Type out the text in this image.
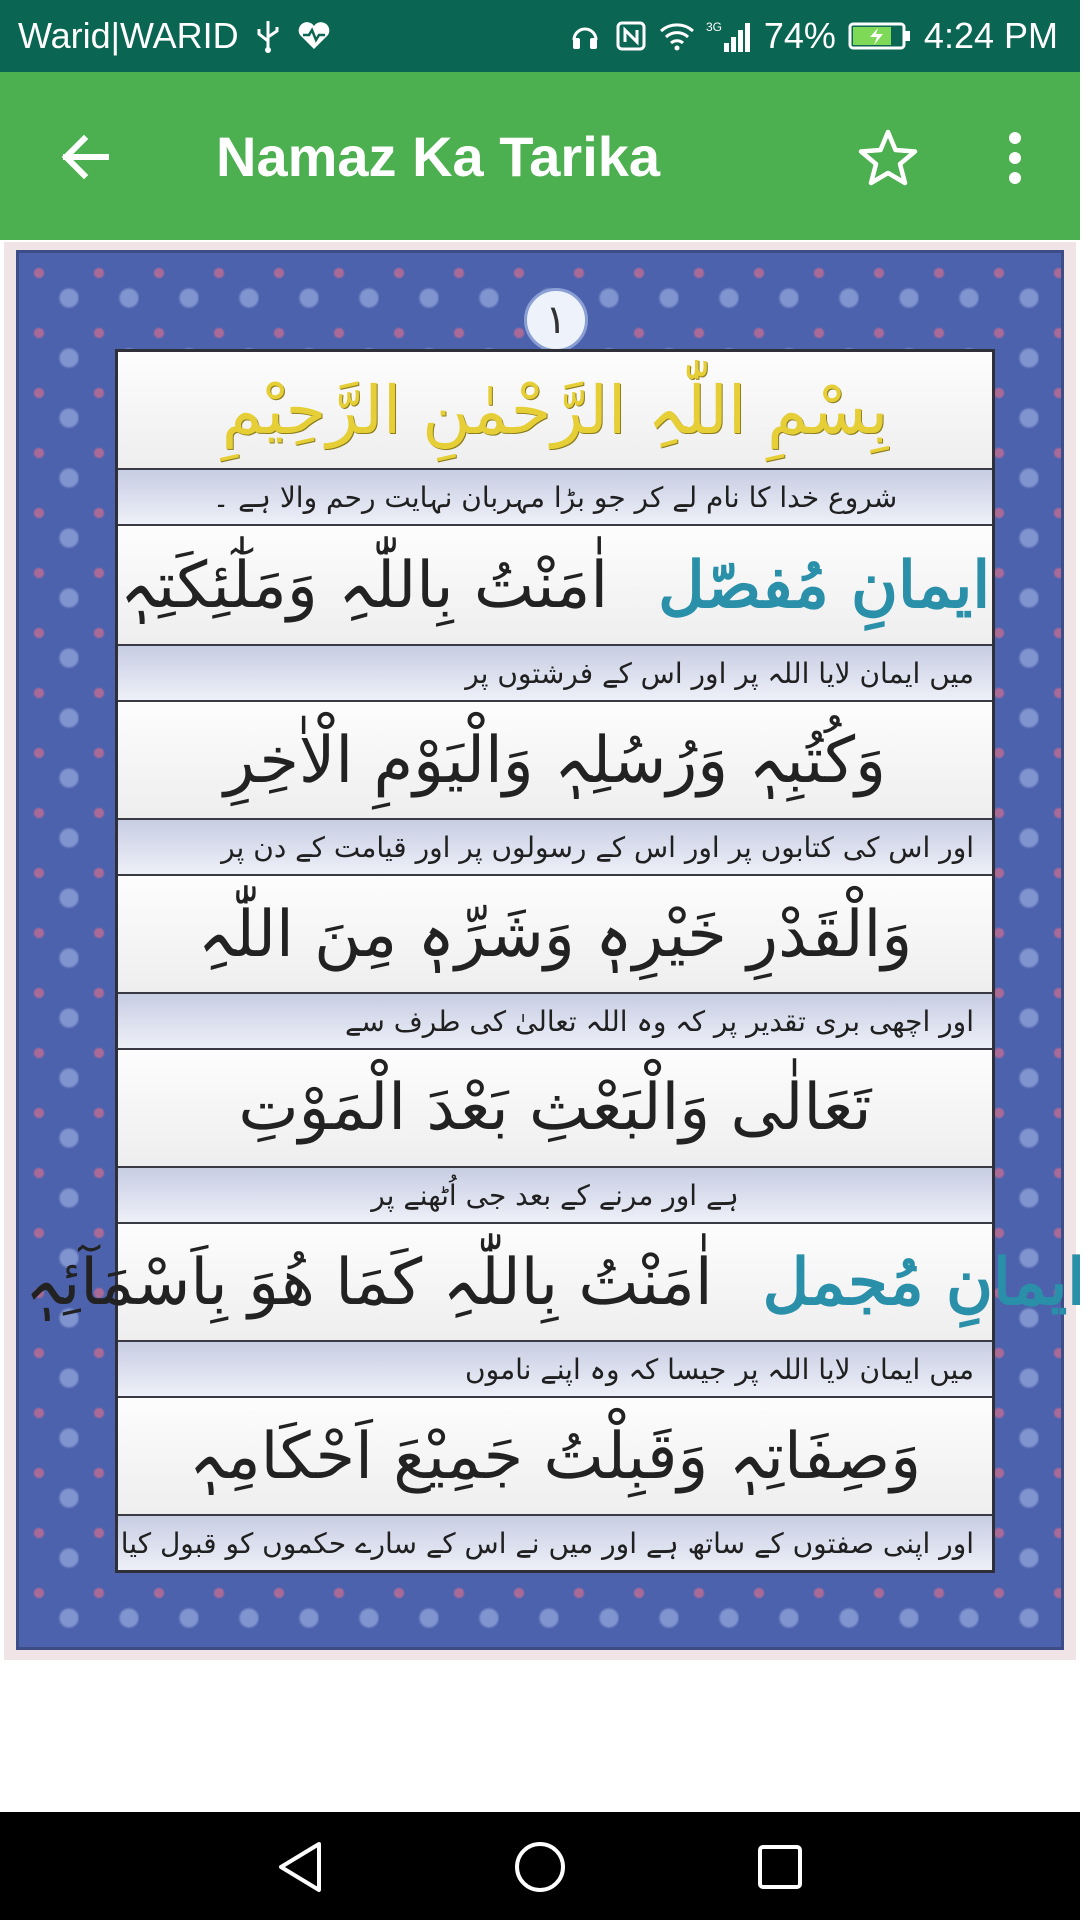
Warid|WARID	3G 74% 4:24 PM
Namaz Ka Tarika
١
بِسْمِ اللّٰہِ الرَّحْمٰنِ الرَّحِيْمِ
شروع خدا کا نام لے کر جو بڑا مہربان نہایت رحم والا ہے ۔
ایمانِ مُفصّل
اٰمَنْتُ بِاللّٰہِ وَمَلٰٓئِکَتِہٖ
میں ایمان لایا اللہ پر اور اس کے فرشتوں پر
وَکُتُبِہٖ وَرُسُلِہٖ وَالْيَوْمِ الْاٰخِرِ
اور اس کی کتابوں پر اور اس کے رسولوں پر اور قیامت کے دن پر
وَالْقَدْرِ خَيْرِہٖ وَشَرِّہٖ مِنَ اللّٰہِ
اور اچھی بری تقدیر پر کہ وہ اللہ تعالیٰ کی طرف سے
تَعَالٰی وَالْبَعْثِ بَعْدَ الْمَوْتِ
ہے اور مرنے کے بعد جی اُٹھنے پر
ایمانِ مُجمل
اٰمَنْتُ بِاللّٰہِ كَمَا هُوَ بِاَسْمَآئِہٖ
میں ایمان لایا اللہ پر جیسا کہ وہ اپنے ناموں
وَصِفَاتِہٖ وَقَبِلْتُ جَمِيْعَ اَحْكَامِہٖ
اور اپنی صفتوں کے ساتھ ہے اور میں نے اس کے سارے حکموں کو قبول کیا
